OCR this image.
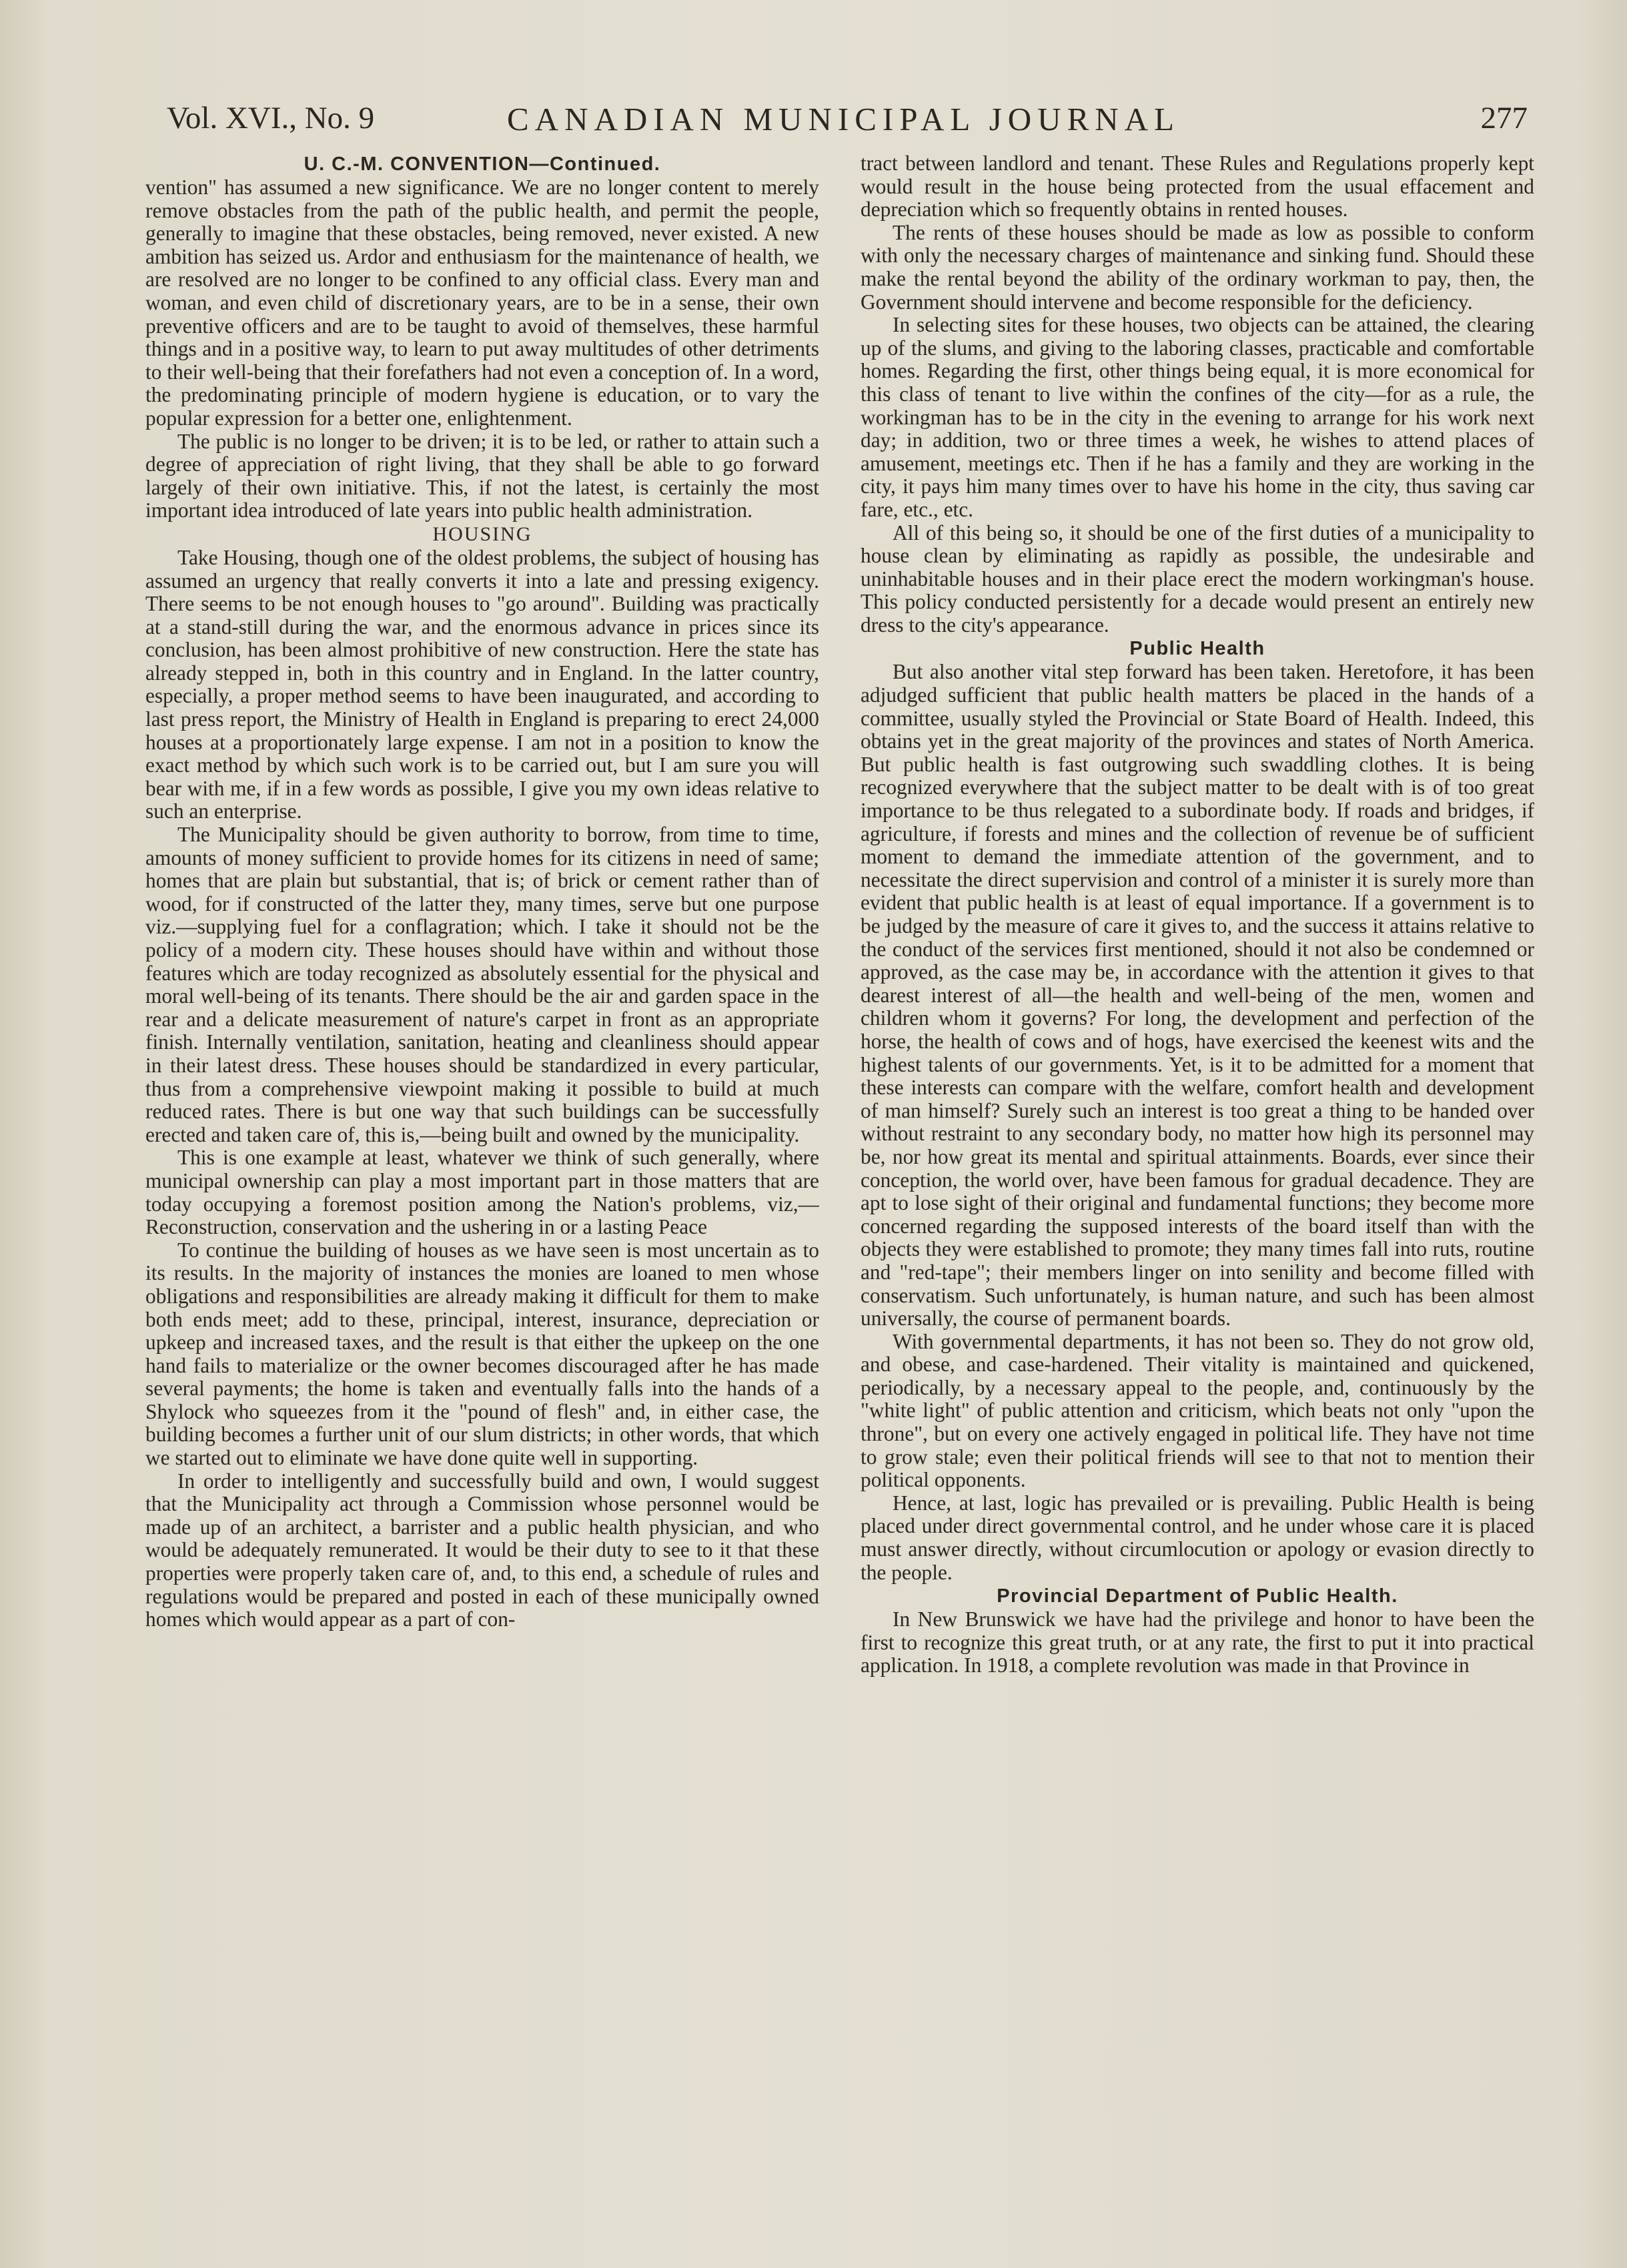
Vol. XVI., No. 9	CANADIAN MUNICIPAL JOURNAL	277
U. C.-M. CONVENTION—Continued.

vention" has assumed a new significance. We are no longer content to merely remove obstacles from the path of the public health, and permit the people, generally to imagine that these obstacles, being removed, never existed. A new ambition has seized us. Ardor and enthusiasm for the maintenance of health, we are resolved are no longer to be confined to any official class. Every man and woman, and even child of discretionary years, are to be in a sense, their own preventive officers and are to be taught to avoid of themselves, these harmful things and in a positive way, to learn to put away multitudes of other detriments to their well-being that their forefathers had not even a conception of. In a word, the predominating principle of modern hygiene is education, or to vary the popular expression for a better one, enlightenment.

The public is no longer to be driven; it is to be led, or rather to attain such a degree of appreciation of right living, that they shall be able to go forward largely of their own initiative. This, if not the latest, is certainly the most important idea introduced of late years into public health administration.

HOUSING

Take Housing, though one of the oldest problems, the subject of housing has assumed an urgency that really converts it into a late and pressing exigency. There seems to be not enough houses to "go around". Building was practically at a stand-still during the war, and the enormous advance in prices since its conclusion, has been almost prohibitive of new construction. Here the state has already stepped in, both in this country and in England. In the latter country, especially, a proper method seems to have been inaugurated, and according to last press report, the Ministry of Health in England is preparing to erect 24,000 houses at a proportionately large expense. I am not in a position to know the exact method by which such work is to be carried out, but I am sure you will bear with me, if in a few words as possible, I give you my own ideas relative to such an enterprise.

The Municipality should be given authority to borrow, from time to time, amounts of money sufficient to provide homes for its citizens in need of same; homes that are plain but substantial, that is; of brick or cement rather than of wood, for if constructed of the latter they, many times, serve but one purpose viz.—supplying fuel for a conflagration; which. I take it should not be the policy of a modern city. These houses should have within and without those features which are today recognized as absolutely essential for the physical and moral well-being of its tenants. There should be the air and garden space in the rear and a delicate measurement of nature's carpet in front as an appropriate finish. Internally ventilation, sanitation, heating and cleanliness should appear in their latest dress. These houses should be standardized in every particular, thus from a comprehensive viewpoint making it possible to build at much reduced rates. There is but one way that such buildings can be successfully erected and taken care of, this is,—being built and owned by the municipality.

This is one example at least, whatever we think of such generally, where municipal ownership can play a most important part in those matters that are today occupying a foremost position among the Nation's problems, viz,—Reconstruction, conservation and the ushering in or a lasting Peace

To continue the building of houses as we have seen is most uncertain as to its results. In the majority of instances the monies are loaned to men whose obligations and responsibilities are already making it difficult for them to make both ends meet; add to these, principal, interest, insurance, depreciation or upkeep and increased taxes, and the result is that either the upkeep on the one hand fails to materialize or the owner becomes discouraged after he has made several payments; the home is taken and eventually falls into the hands of a Shylock who squeezes from it the "pound of flesh" and, in either case, the building becomes a further unit of our slum districts; in other words, that which we started out to eliminate we have done quite well in supporting.

In order to intelligently and successfully build and own, I would suggest that the Municipality act through a Commission whose personnel would be made up of an architect, a barrister and a public health physician, and who would be adequately remunerated. It would be their duty to see to it that these properties were properly taken care of, and, to this end, a schedule of rules and regulations would be prepared and posted in each of these municipally owned homes which would appear as a part of con-

tract between landlord and tenant. These Rules and Regulations properly kept would result in the house being protected from the usual effacement and depreciation which so frequently obtains in rented houses.

The rents of these houses should be made as low as possible to conform with only the necessary charges of maintenance and sinking fund. Should these make the rental beyond the ability of the ordinary workman to pay, then, the Government should intervene and become responsible for the deficiency.

In selecting sites for these houses, two objects can be attained, the clearing up of the slums, and giving to the laboring classes, practicable and comfortable homes. Regarding the first, other things being equal, it is more economical for this class of tenant to live within the confines of the city—for as a rule, the workingman has to be in the city in the evening to arrange for his work next day; in addition, two or three times a week, he wishes to attend places of amusement, meetings etc. Then if he has a family and they are working in the city, it pays him many times over to have his home in the city, thus saving car fare, etc., etc.

All of this being so, it should be one of the first duties of a municipality to house clean by eliminating as rapidly as possible, the undesirable and uninhabitable houses and in their place erect the modern workingman's house. This policy conducted persistently for a decade would present an entirely new dress to the city's appearance.

Public Health

But also another vital step forward has been taken. Heretofore, it has been adjudged sufficient that public health matters be placed in the hands of a committee, usually styled the Provincial or State Board of Health. Indeed, this obtains yet in the great majority of the provinces and states of North America. But public health is fast outgrowing such swaddling clothes. It is being recognized everywhere that the subject matter to be dealt with is of too great importance to be thus relegated to a subordinate body. If roads and bridges, if agriculture, if forests and mines and the collection of revenue be of sufficient moment to demand the immediate attention of the government, and to necessitate the direct supervision and control of a minister it is surely more than evident that public health is at least of equal importance. If a government is to be judged by the measure of care it gives to, and the success it attains relative to the conduct of the services first mentioned, should it not also be condemned or approved, as the case may be, in accordance with the attention it gives to that dearest interest of all—the health and well-being of the men, women and children whom it governs? For long, the development and perfection of the horse, the health of cows and of hogs, have exercised the keenest wits and the highest talents of our governments. Yet, is it to be admitted for a moment that these interests can compare with the welfare, comfort health and development of man himself? Surely such an interest is too great a thing to be handed over without restraint to any secondary body, no matter how high its personnel may be, nor how great its mental and spiritual attainments. Boards, ever since their conception, the world over, have been famous for gradual decadence. They are apt to lose sight of their original and fundamental functions; they become more concerned regarding the supposed interests of the board itself than with the objects they were established to promote; they many times fall into ruts, routine and "red-tape"; their members linger on into senility and become filled with conservatism. Such unfortunately, is human nature, and such has been almost universally, the course of permanent boards.

With governmental departments, it has not been so. They do not grow old, and obese, and case-hardened. Their vitality is maintained and quickened, periodically, by a necessary appeal to the people, and, continuously by the "white light" of public attention and criticism, which beats not only "upon the throne", but on every one actively engaged in political life. They have not time to grow stale; even their political friends will see to that not to mention their political opponents.

Hence, at last, logic has prevailed or is prevailing. Public Health is being placed under direct governmental control, and he under whose care it is placed must answer directly, without circumlocution or apology or evasion directly to the people.

Provincial Department of Public Health.

In New Brunswick we have had the privilege and honor to have been the first to recognize this great truth, or at any rate, the first to put it into practical application. In 1918, a complete revolution was made in that Province in
